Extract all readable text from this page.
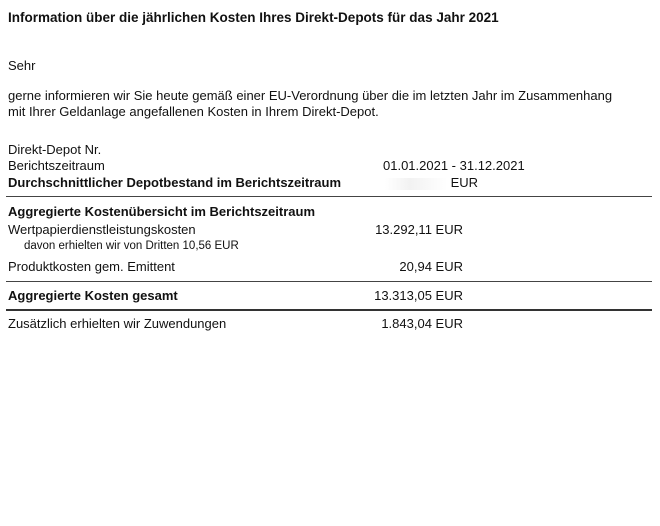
Information über die jährlichen Kosten Ihres Direkt-Depots für das Jahr 2021
Sehr
gerne informieren wir Sie heute gemäß einer EU-Verordnung über die im letzten Jahr im Zusammenhang
mit Ihrer Geldanlage angefallenen Kosten in Ihrem Direkt-Depot.
Direkt-Depot Nr.
Berichtszeitraum	01.01.2021 - 31.12.2021
Durchschnittlicher Depotbestand im Berichtszeitraum	EUR
Aggregierte Kostenübersicht im Berichtszeitraum
Wertpapierdienstleistungskosten	13.292,11 EUR
davon erhielten wir von Dritten 10,56 EUR
Produktkosten gem. Emittent	20,94 EUR
Aggregierte Kosten gesamt	13.313,05 EUR
Zusätzlich erhielten wir Zuwendungen	1.843,04 EUR
